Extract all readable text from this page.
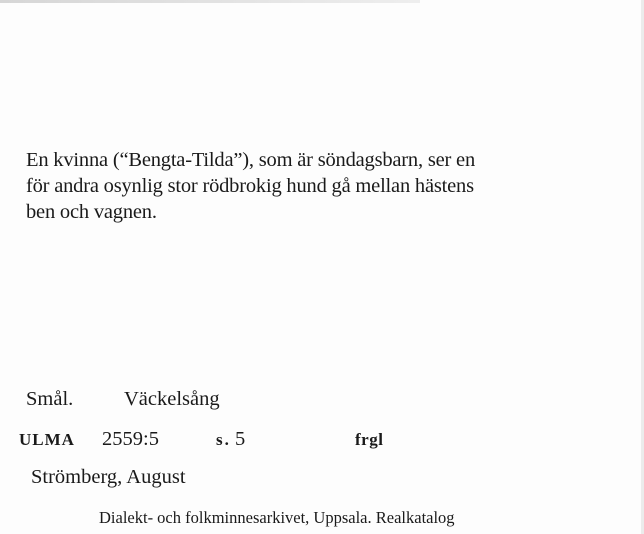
En kvinna (“Bengta-Tilda”), som är söndagsbarn, ser en
för andra osynlig stor rödbrokig hund gå mellan hästens
ben och vagnen.

Smål. Väckelsång
ULMA 2559:5	s. 5	frgl
Strömberg, August
Dialekt- och folkminnesarkivet, Uppsala. Realkatalog
